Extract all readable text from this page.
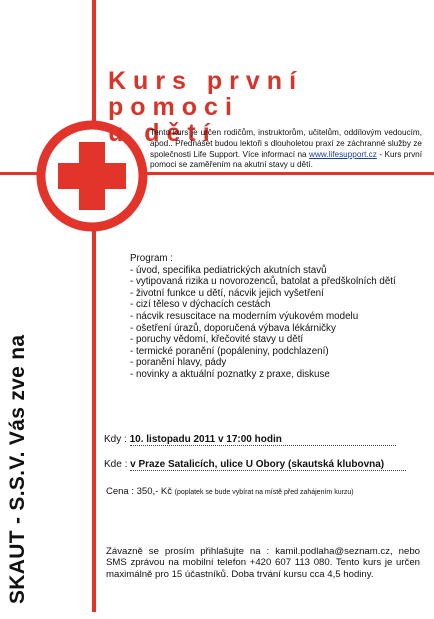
Kurs první pomoci
u dětí
Tento kurs je určen rodičům, instruktorům, učitelům, oddílovým vedoucím, apod.. Přednášet budou lektoři s dlouholetou praxí ze záchranné služby ze společnosti Life Support. Více informací na www.lifesupport.cz - Kurs první pomoci se zaměřením na akutní stavy u dětí.
Program :
- úvod, specifika pediatrických akutních stavů
- vytipovaná rizika u novorozenců, batolat a předškolních dětí
- životní funkce u dětí, nácvik jejich vyšetření
- cizí těleso v dýchacích cestách
- nácvik resuscitace na moderním výukovém modelu
- ošetření úrazů, doporučená výbava lékárničky
- poruchy vědomí, křečovité stavy u dětí
- termické poranění (popáleniny, podchlazení)
- poranění hlavy, pády
- novinky a aktuální poznatky z praxe, diskuse
SKAUT - S.S.V. Vás zve na	Kdy : 10. listopadu 2011 v 17:00 hodin
Kde : v Praze Satalicích, ulice U Obory (skautská klubovna)
Cena : 350,- Kč (poplatek se bude vybírat na místě před zahájením kurzu)
Závazně se prosím přihlašujte na : kamil.podlaha@seznam.cz, nebo SMS zprávou na mobilní telefon +420 607 113 080. Tento kurs je určen maximálně pro 15 účastníků. Doba trvání kursu cca 4,5 hodiny.
